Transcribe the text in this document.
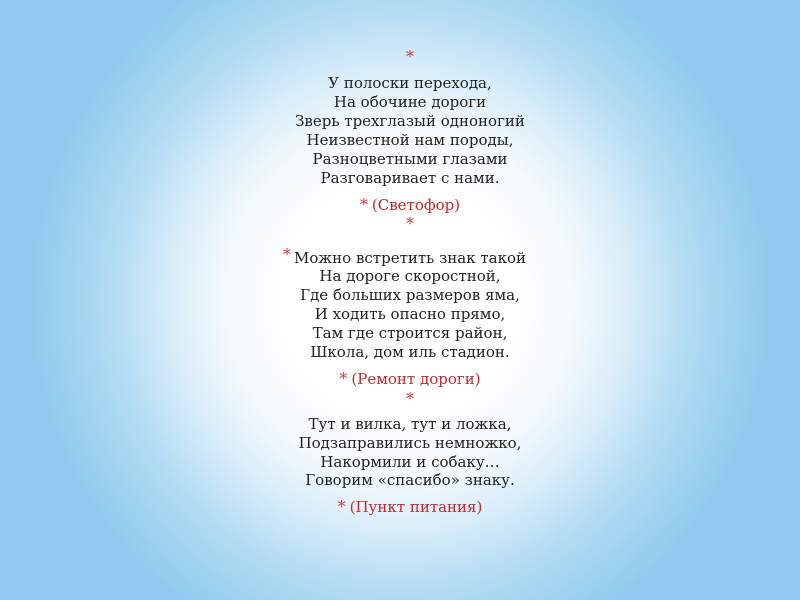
*
У полоски перехода,
На обочине дороги
Зверь трехглазый одноногий
Неизвестной нам породы,
Разноцветными глазами
Разговаривает с нами.
* (Светофор)
*
* Можно встретить знак такой
На дороге скоростной,
Где больших размеров яма,
И ходить опасно прямо,
Там где строится район,
Школа, дом иль стадион.
* (Ремонт дороги)
*
Тут и вилка, тут и ложка,
Подзаправились немножко,
Накормили и собаку…
Говорим «спасибо» знаку.
* (Пункт питания)
